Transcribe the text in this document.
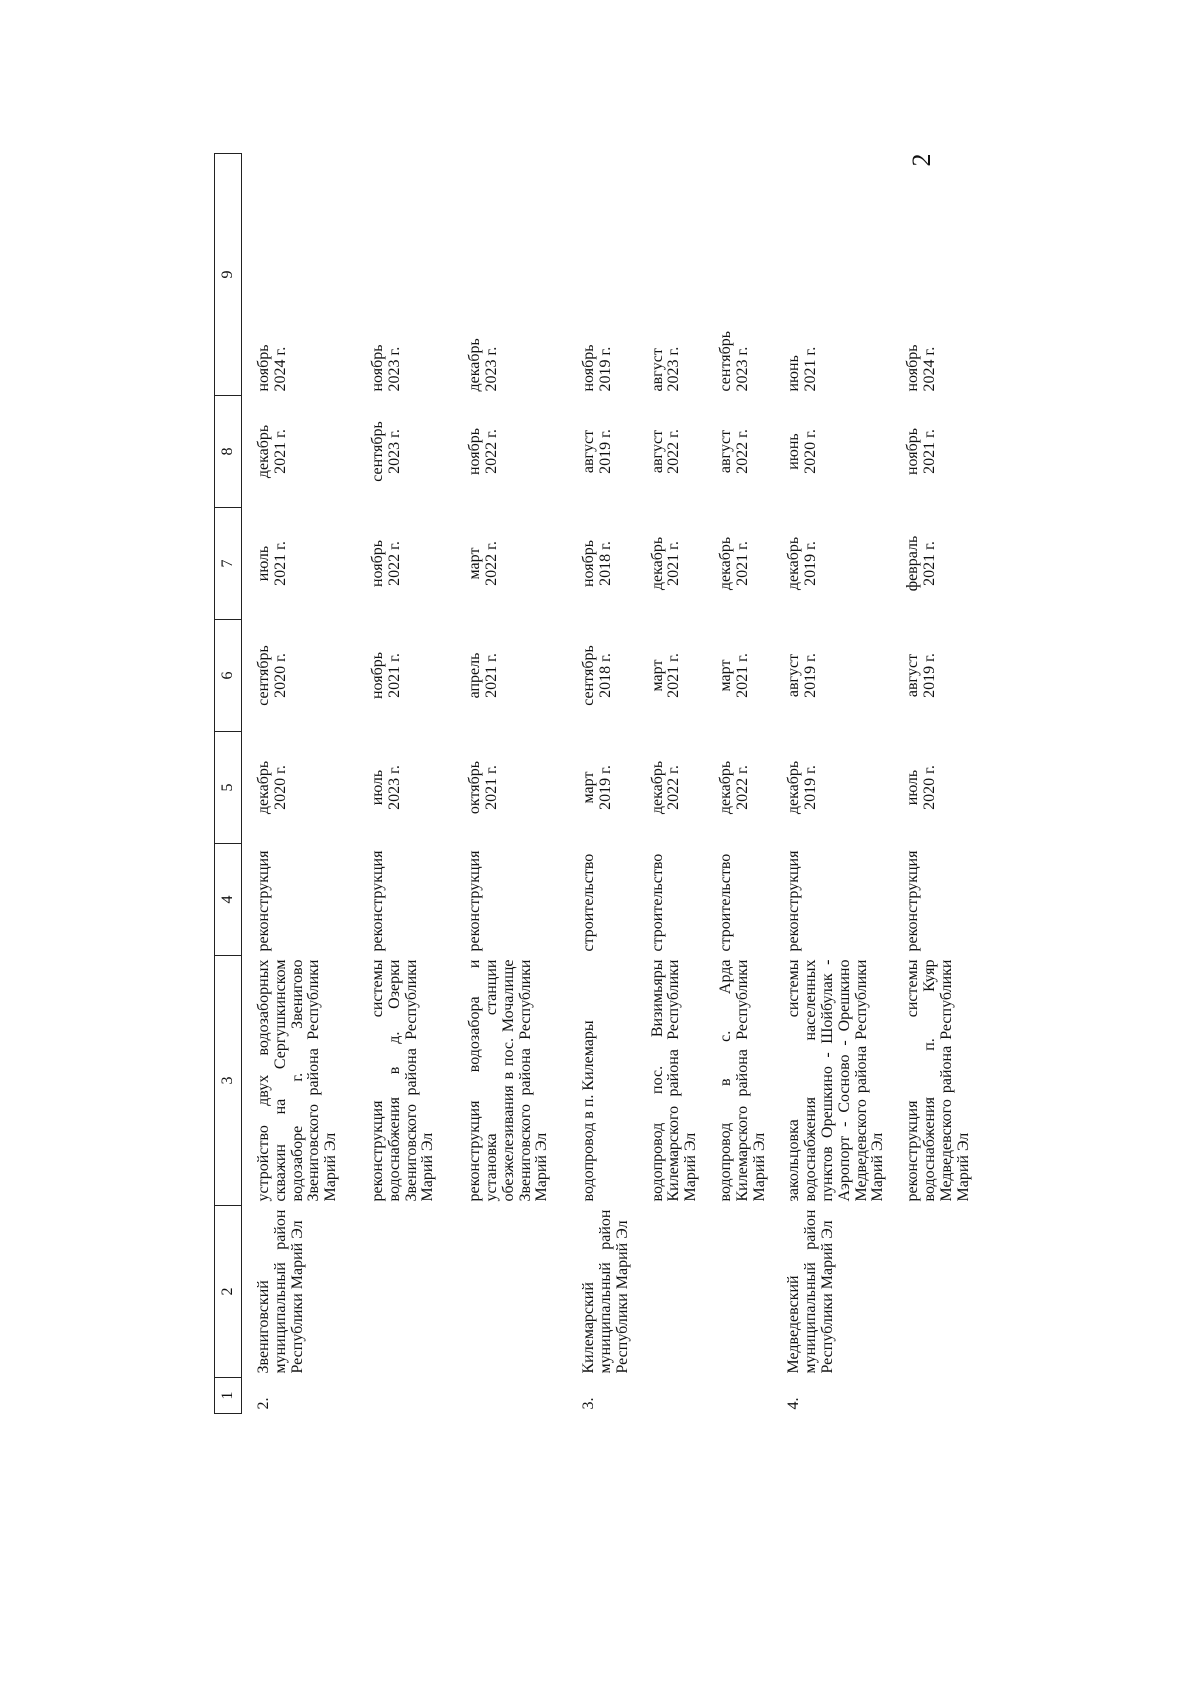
2
1	2	3	4	5	6	7	8	9
2.	Звениговский муниципальный район Республики Марий Эл	устройство двух водозаборных скважин на Сергушкинском водозаборе г. Звенигово Звениговского района Республики Марий Эл	реконструкция	декабрь 2020 г.	сентябрь 2020 г.	июль 2021 г.	декабрь 2021 г.	ноябрь 2024 г.

		реконструкция системы водоснабжения в д. Озерки Звениговского района Республики Марий Эл	реконструкция	июль 2023 г.	ноябрь 2021 г.	ноябрь 2022 г.	сентябрь 2023 г.	ноябрь 2023 г.

		реконструкция водозабора и установка станции обезжелезивания в пос. Мочалище Звениговского района Республики Марий Эл	реконструкция	октябрь 2021 г.	апрель 2021 г.	март 2022 г.	ноябрь 2022 г.	декабрь 2023 г.

3.	Килемарский муниципальный район Республики Марий Эл	водопровод в п. Килемары	строительство	март 2019 г.	сентябрь 2018 г.	ноябрь 2018 г.	август 2019 г.	ноябрь 2019 г.

		водопровод пос. Визимьяры Килемарского района Республики Марий Эл	строительство	декабрь 2022 г.	март 2021 г.	декабрь 2021 г.	август 2022 г.	август 2023 г.

		водопровод в с. Арда Килемарского района Республики Марий Эл	строительство	декабрь 2022 г.	март 2021 г.	декабрь 2021 г.	август 2022 г.	сентябрь 2023 г.

4.	Медведевский муниципальный район Республики Марий Эл	закольцовка системы водоснабжения населенных пунктов Орешкино - Шойбулак - Аэропорт - Сосново - Орешкино Медведевского района Республики Марий Эл	реконструкция	декабрь 2019 г.	август 2019 г.	декабрь 2019 г.	июнь 2020 г.	июнь 2021 г.

		реконструкция системы водоснабжения п. Куяр Медведевского района Республики Марий Эл	реконструкция	июль 2020 г.	август 2019 г.	февраль 2021 г.	ноябрь 2021 г.	ноябрь 2024 г.
